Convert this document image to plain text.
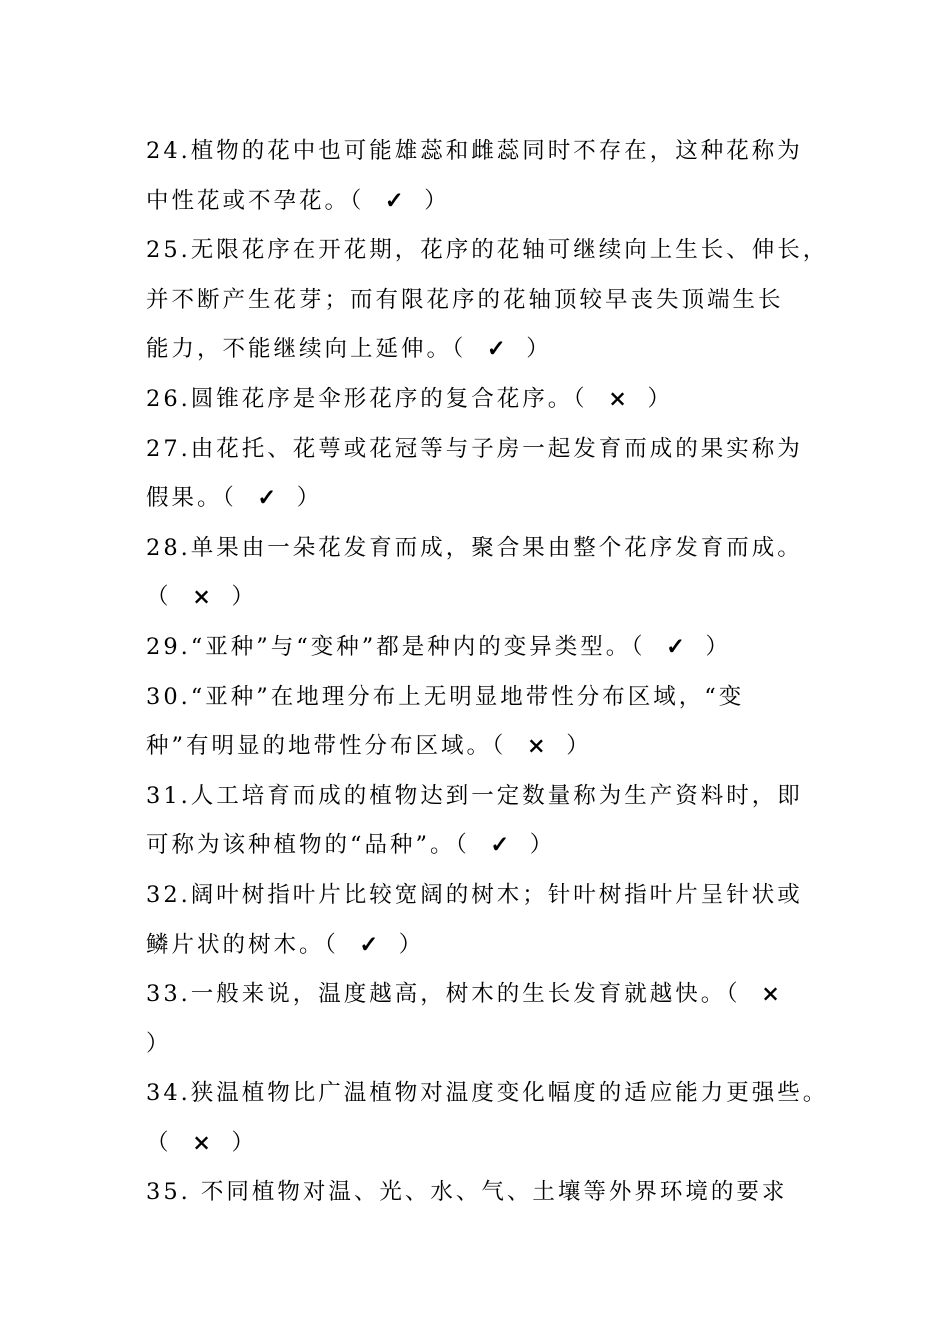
24.植物的花中也可能雄蕊和雌蕊同时不存在，这种花称为
中性花或不孕花。（ ✓ ）
25.无限花序在开花期，花序的花轴可继续向上生长、伸长，
并不断产生花芽；而有限花序的花轴顶较早丧失顶端生长
能力，不能继续向上延伸。（ ✓ ）
26.圆锥花序是伞形花序的复合花序。（ × ）
27.由花托、花萼或花冠等与子房一起发育而成的果实称为
假果。（ ✓ ）
28.单果由一朵花发育而成，聚合果由整个花序发育而成。
（ × ）
29.“亚种”与“变种”都是种内的变异类型。（ ✓ ）
30.“亚种”在地理分布上无明显地带性分布区域，“变
种”有明显的地带性分布区域。（ × ）
31.人工培育而成的植物达到一定数量称为生产资料时，即
可称为该种植物的“品种”。（ ✓ ）
32.阔叶树指叶片比较宽阔的树木；针叶树指叶片呈针状或
鳞片状的树木。（ ✓ ）
33.一般来说，温度越高，树木的生长发育就越快。（ ×
）
34.狭温植物比广温植物对温度变化幅度的适应能力更强些。
（ × ）
35. 不同植物对温、光、水、气、土壤等外界环境的要求
